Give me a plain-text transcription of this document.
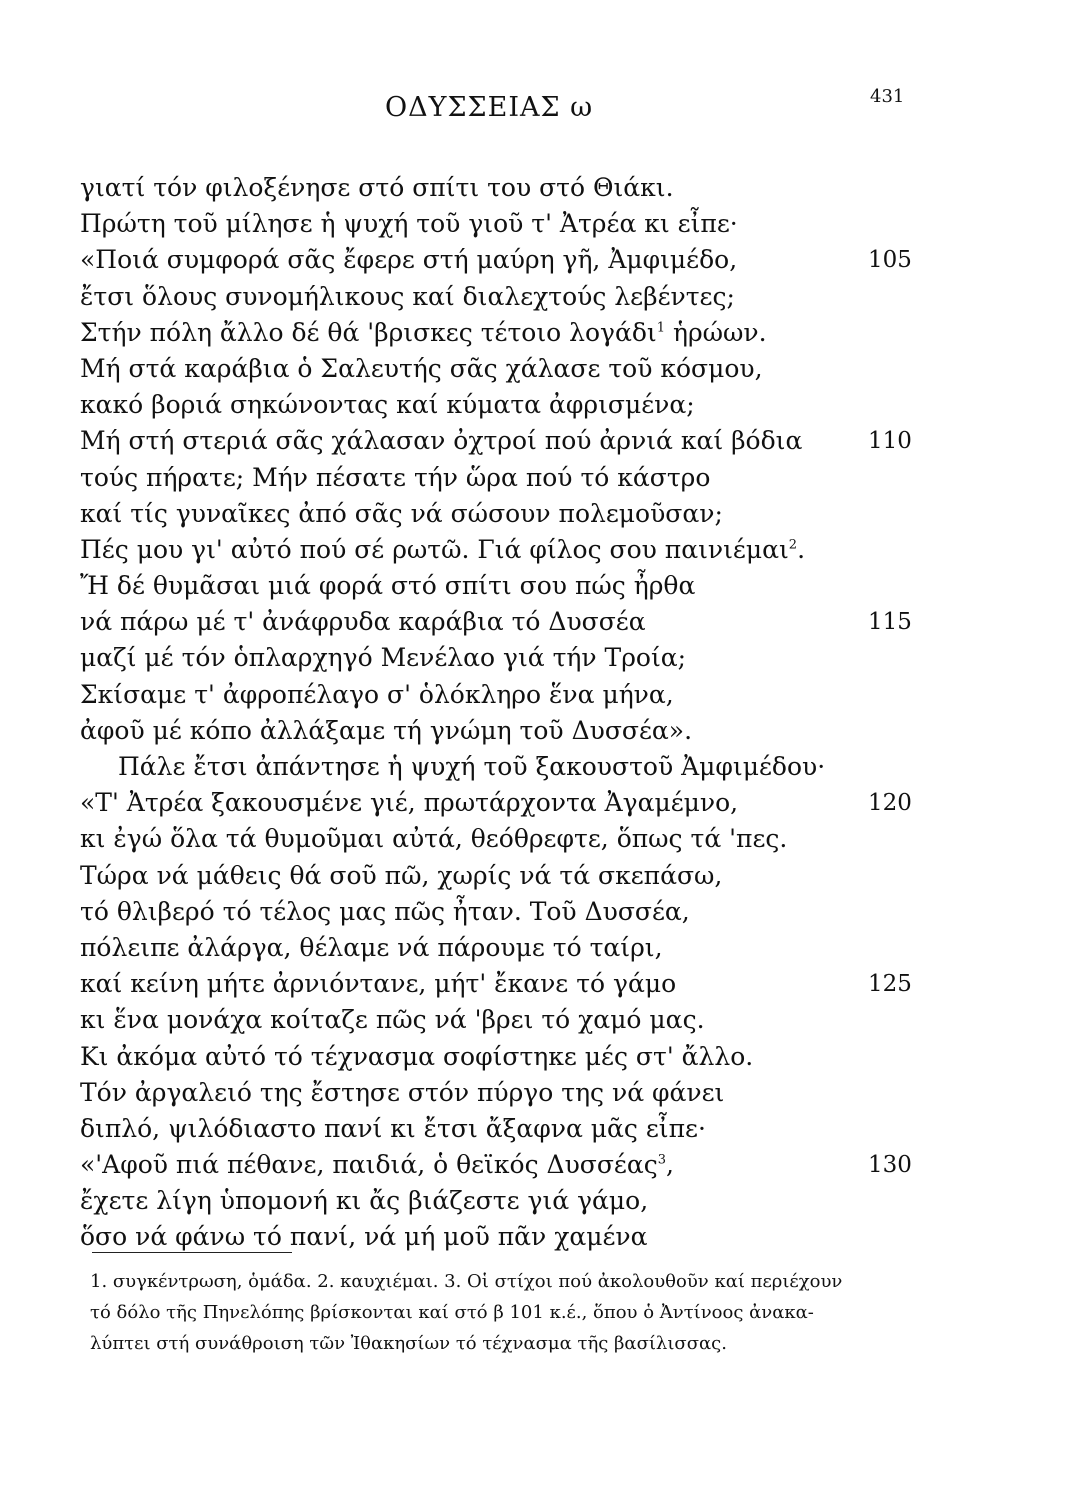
ΟΔΥΣΣΕΙΑΣ ω	431
γιατί τόν φιλοξένησε στό σπίτι του στό Θιάκι.
Πρώτη τοῦ μίλησε ἡ ψυχή τοῦ γιοῦ τ' Ἀτρέα κι εἶπε·
«Ποιά συμφορά σᾶς ἔφερε στή μαύρη γῆ, Ἀμφιμέδο,	105
ἔτσι ὅλους συνομήλικους καί διαλεχτούς λεβέντες;
Στήν πόλη ἄλλο δέ θά 'βρισκες τέτοιο λογάδι$^1$ ἡρώων.
Μή στά καράβια ὁ Σαλευτής σᾶς χάλασε τοῦ κόσμου,
κακό βοριά σηκώνοντας καί κύματα ἀφρισμένα;
Μή στή στεριά σᾶς χάλασαν ὀχτροί πού ἀρνιά καί βόδια	110
τούς πήρατε; Μήν πέσατε τήν ὥρα πού τό κάστρο
καί τίς γυναῖκες ἀπό σᾶς νά σώσουν πολεμοῦσαν;
Πές μου γι' αὐτό πού σέ ρωτῶ. Γιά φίλος σου παινιέμαι$^2$.
Ἤ δέ θυμᾶσαι μιά φορά στό σπίτι σου πώς ἦρθα
νά πάρω μέ τ' ἀνάφρυδα καράβια τό Δυσσέα	115
μαζί μέ τόν ὁπλαρχηγό Μενέλαο γιά τήν Τροία;
Σκίσαμε τ' ἀφροπέλαγο σ' ὁλόκληρο ἕνα μήνα,
ἀφοῦ μέ κόπο ἀλλάξαμε τή γνώμη τοῦ Δυσσέα».
Πάλε ἔτσι ἀπάντησε ἡ ψυχή τοῦ ξακουστοῦ Ἀμφιμέδου·
«Τ' Ἀτρέα ξακουσμένε γιέ, πρωτάρχοντα Ἀγαμέμνο,	120
κι ἐγώ ὅλα τά θυμοῦμαι αὐτά, θεόθρεφτε, ὅπως τά 'πες.
Τώρα νά μάθεις θά σοῦ πῶ, χωρίς νά τά σκεπάσω,
τό θλιβερό τό τέλος μας πῶς ἦταν. Τοῦ Δυσσέα,
πόλειπε ἀλάργα, θέλαμε νά πάρουμε τό ταίρι,
καί κείνη μήτε ἀρνιόντανε, μήτ' ἔκανε τό γάμο	125
κι ἕνα μονάχα κοίταζε πῶς νά 'βρει τό χαμό μας.
Κι ἀκόμα αὐτό τό τέχνασμα σοφίστηκε μές στ' ἄλλο.
Τόν ἀργαλειό της ἔστησε στόν πύργο της νά φάνει
διπλό, ψιλόδιαστο πανί κι ἔτσι ἄξαφνα μᾶς εἶπε·
«'Αφοῦ πιά πέθανε, παιδιά, ὁ θεϊκός Δυσσέας$^3$,	130
ἔχετε λίγη ὑπομονή κι ἄς βιάζεστε γιά γάμο,
ὅσο νά φάνω τό πανί, νά μή μοῦ πᾶν χαμένα
1. συγκέντρωση, ὁμάδα. 2. καυχιέμαι. 3. Οἱ στίχοι πού ἀκολουθοῦν καί περιέχουν
τό δόλο τῆς Πηνελόπης βρίσκονται καί στό β 101 κ.έ., ὅπου ὁ Ἀντίνοος ἀνακα-
λύπτει στή συνάθροιση τῶν Ἰθακησίων τό τέχνασμα τῆς βασίλισσας.
